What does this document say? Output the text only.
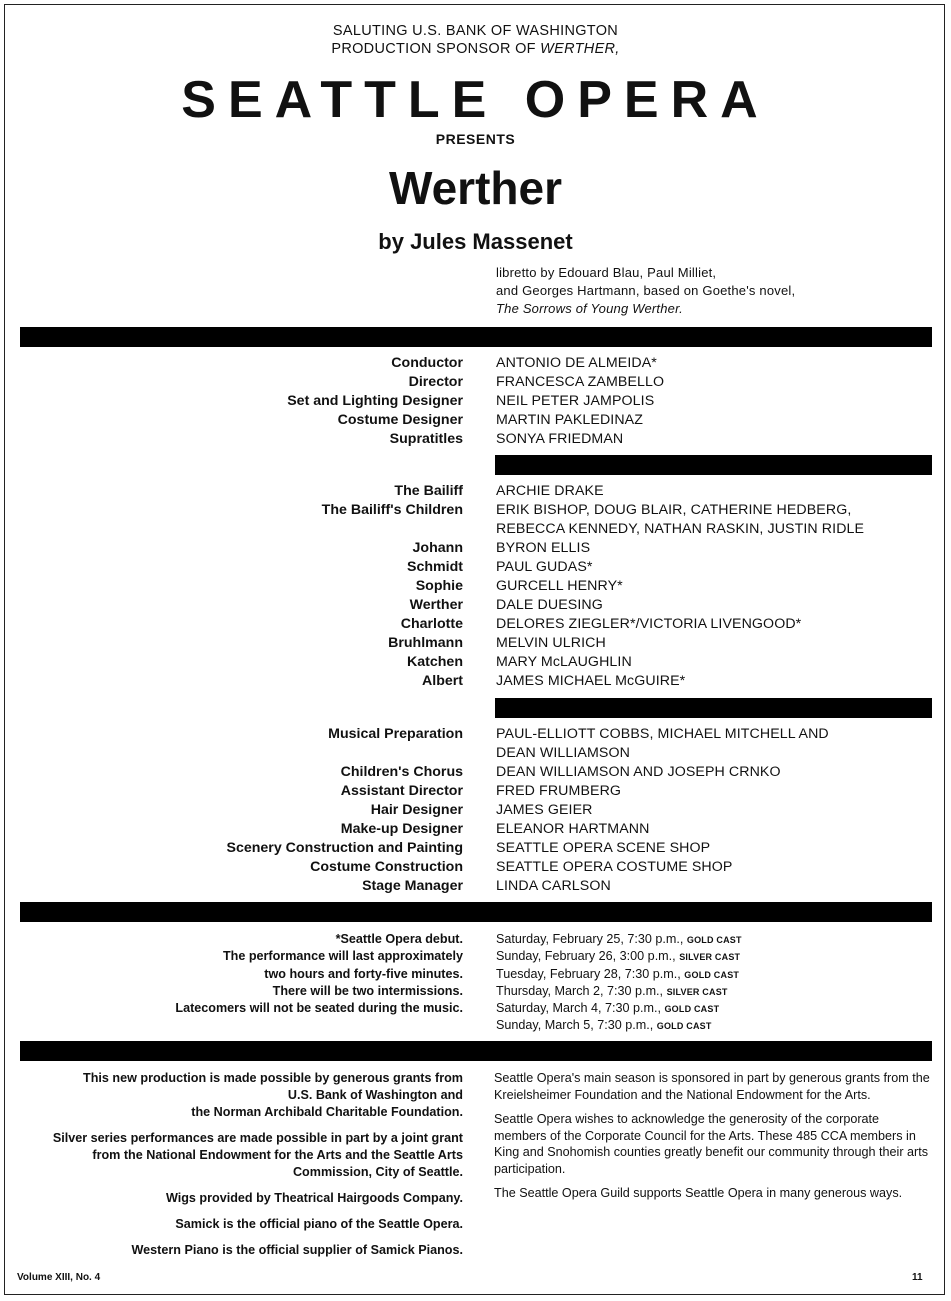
SALUTING U.S. BANK OF WASHINGTON
PRODUCTION SPONSOR OF WERTHER,
SEATTLE OPERA
PRESENTS
Werther
by Jules Massenet
libretto by Edouard Blau, Paul Milliet,
and Georges Hartmann, based on Goethe's novel,
The Sorrows of Young Werther.
Conductor
Director
Set and Lighting Designer
Costume Designer
Supratitles
ANTONIO DE ALMEIDA*
FRANCESCA ZAMBELLO
NEIL PETER JAMPOLIS
MARTIN PAKLEDINAZ
SONYA FRIEDMAN
The Bailiff
The Bailiff's Children
Johann
Schmidt
Sophie
Werther
Charlotte
Bruhlmann
Katchen
Albert
ARCHIE DRAKE
ERIK BISHOP, DOUG BLAIR, CATHERINE HEDBERG,
REBECCA KENNEDY, NATHAN RASKIN, JUSTIN RIDLE
BYRON ELLIS
PAUL GUDAS*
GURCELL HENRY*
DALE DUESING
DELORES ZIEGLER*/VICTORIA LIVENGOOD*
MELVIN ULRICH
MARY McLAUGHLIN
JAMES MICHAEL McGUIRE*
Musical Preparation
Children's Chorus
Assistant Director
Hair Designer
Make-up Designer
Scenery Construction and Painting
Costume Construction
Stage Manager
PAUL-ELLIOTT COBBS, MICHAEL MITCHELL AND
DEAN WILLIAMSON
DEAN WILLIAMSON AND JOSEPH CRNKO
FRED FRUMBERG
JAMES GEIER
ELEANOR HARTMANN
SEATTLE OPERA SCENE SHOP
SEATTLE OPERA COSTUME SHOP
LINDA CARLSON
*Seattle Opera debut.
The performance will last approximately
two hours and forty-five minutes.
There will be two intermissions.
Latecomers will not be seated during the music.
Saturday, February 25, 7:30 p.m., GOLD CAST
Sunday, February 26, 3:00 p.m., SILVER CAST
Tuesday, February 28, 7:30 p.m., GOLD CAST
Thursday, March 2, 7:30 p.m., SILVER CAST
Saturday, March 4, 7:30 p.m., GOLD CAST
Sunday, March 5, 7:30 p.m., GOLD CAST

This new production is made possible by generous grants from
U.S. Bank of Washington and
the Norman Archibald Charitable Foundation.

Silver series performances are made possible in part by a joint grant
from the National Endowment for the Arts and the Seattle Arts
Commission, City of Seattle.

Wigs provided by Theatrical Hairgoods Company.

Samick is the official piano of the Seattle Opera.

Western Piano is the official supplier of Samick Pianos.

Seattle Opera's main season is sponsored in part by generous grants from the Kreielsheimer Foundation and the National Endowment for the Arts.

Seattle Opera wishes to acknowledge the generosity of the corporate members of the Corporate Council for the Arts. These 485 CCA members in King and Snohomish counties greatly benefit our community through their arts participation.

The Seattle Opera Guild supports Seattle Opera in many generous ways.

Volume XIII, No. 4	11
